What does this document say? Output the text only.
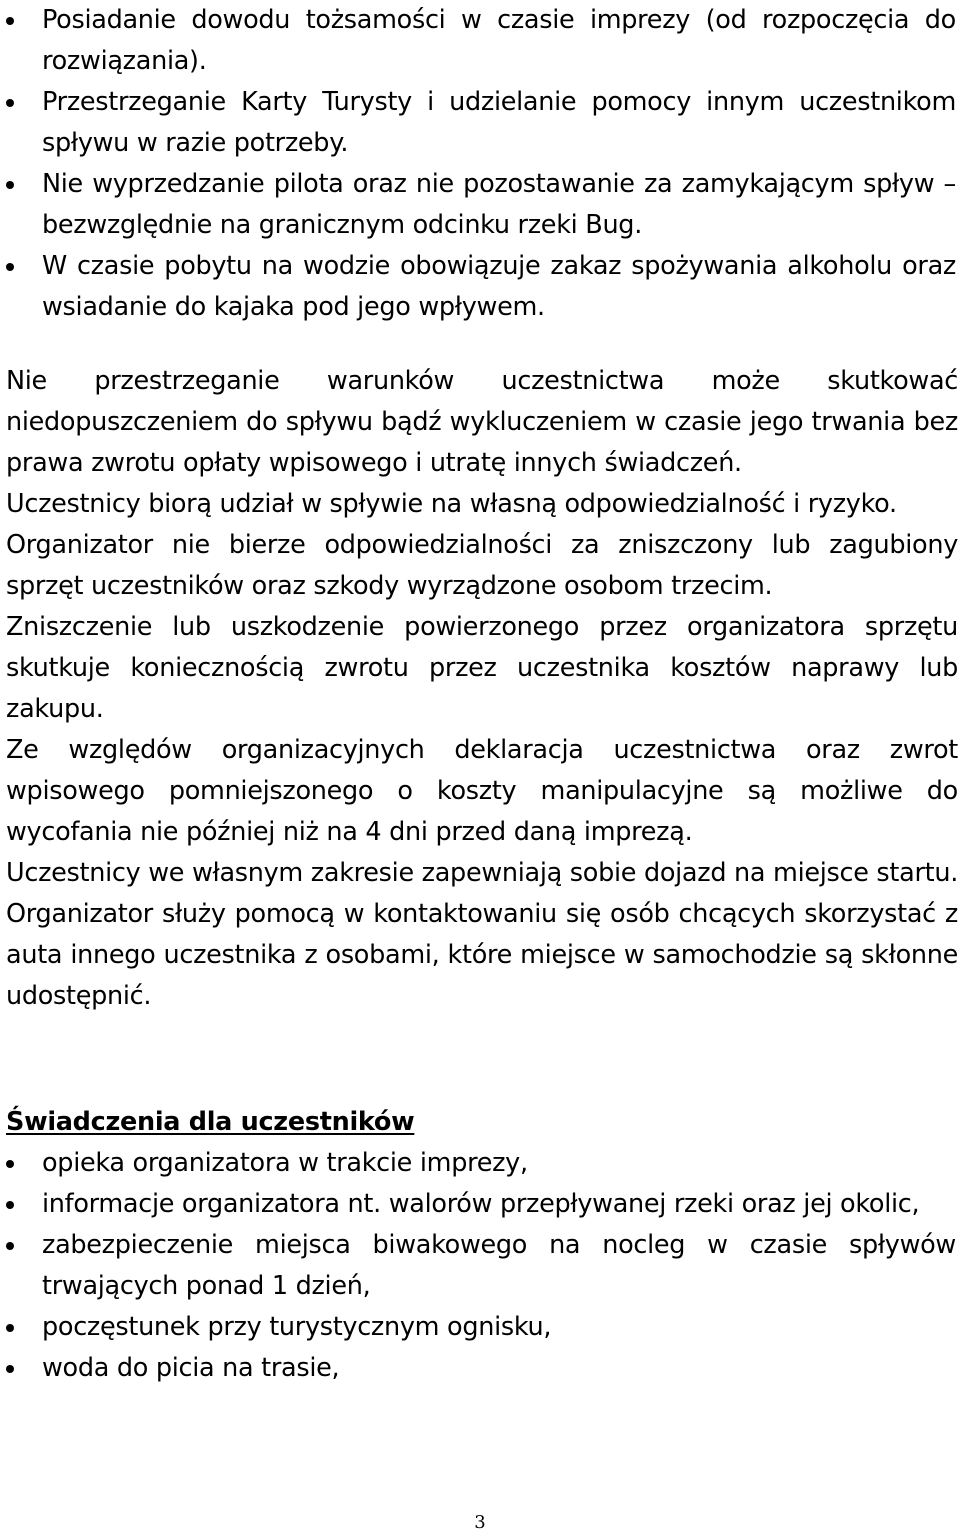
Posiadanie dowodu tożsamości w czasie imprezy (od rozpoczęcia do rozwiązania).
Przestrzeganie Karty Turysty i udzielanie pomocy innym uczestnikom spływu w razie potrzeby.
Nie wyprzedzanie pilota oraz nie pozostawanie za zamykającym spływ – bezwzględnie na granicznym odcinku rzeki Bug.
W czasie pobytu na wodzie obowiązuje zakaz spożywania alkoholu oraz wsiadanie do kajaka pod jego wpływem.

Nie przestrzeganie warunków uczestnictwa może skutkować niedopuszczeniem do spływu bądź wykluczeniem w czasie jego trwania bez prawa zwrotu opłaty wpisowego i utratę innych świadczeń.

Uczestnicy biorą udział w spływie na własną odpowiedzialność i ryzyko.

Organizator nie bierze odpowiedzialności za zniszczony lub zagubiony sprzęt uczestników oraz szkody wyrządzone osobom trzecim.

Zniszczenie lub uszkodzenie powierzonego przez organizatora sprzętu skutkuje koniecznością zwrotu przez uczestnika kosztów naprawy lub zakupu.

Ze względów organizacyjnych deklaracja uczestnictwa oraz zwrot wpisowego pomniejszonego o koszty manipulacyjne są możliwe do wycofania nie później niż na 4 dni przed daną imprezą.

Uczestnicy we własnym zakresie zapewniają sobie dojazd na miejsce startu. Organizator służy pomocą w kontaktowaniu się osób chcących skorzystać z auta innego uczestnika z osobami, które miejsce w samochodzie są skłonne udostępnić.

Świadczenia dla uczestników
opieka organizatora w trakcie imprezy,
informacje organizatora nt. walorów przepływanej rzeki oraz jej okolic,
zabezpieczenie miejsca biwakowego na nocleg w czasie spływów trwających ponad 1 dzień,
poczęstunek przy turystycznym ognisku,
woda do picia na trasie,
3
